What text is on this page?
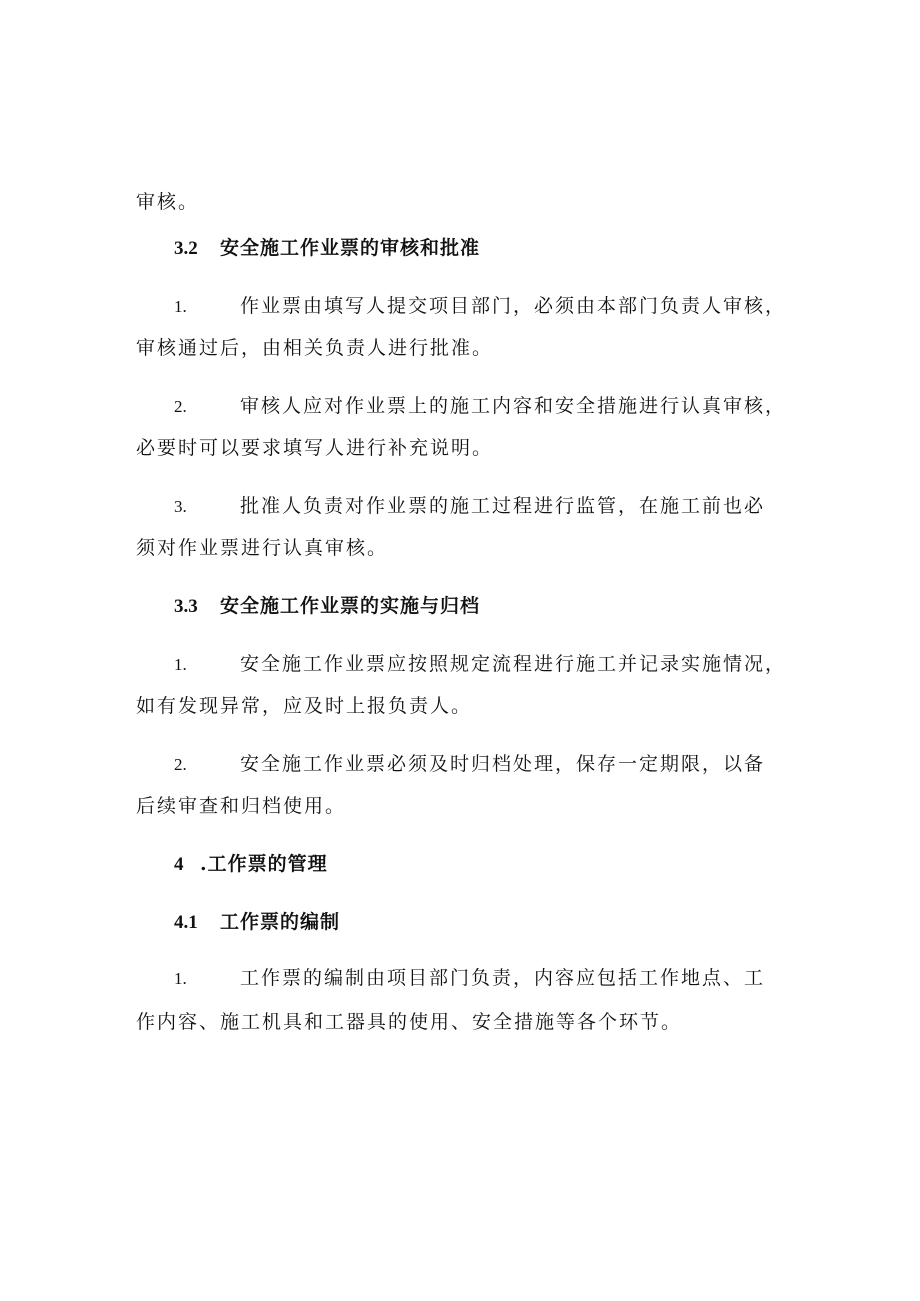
审核。
3.2 安全施工作业票的审核和批准
1.	作业票由填写人提交项目部门，必须由本部门负责人审核，
审核通过后，由相关负责人进行批准。
2.	审核人应对作业票上的施工内容和安全措施进行认真审核，
必要时可以要求填写人进行补充说明。
3.	批准人负责对作业票的施工过程进行监管，在施工前也必
须对作业票进行认真审核。
3.3 安全施工作业票的实施与归档
1.	安全施工作业票应按照规定流程进行施工并记录实施情况，
如有发现异常，应及时上报负责人。
2.	安全施工作业票必须及时归档处理，保存一定期限，以备
后续审查和归档使用。
4 .工作票的管理
4.1 工作票的编制
1.	工作票的编制由项目部门负责，内容应包括工作地点、工
作内容、施工机具和工器具的使用、安全措施等各个环节。
